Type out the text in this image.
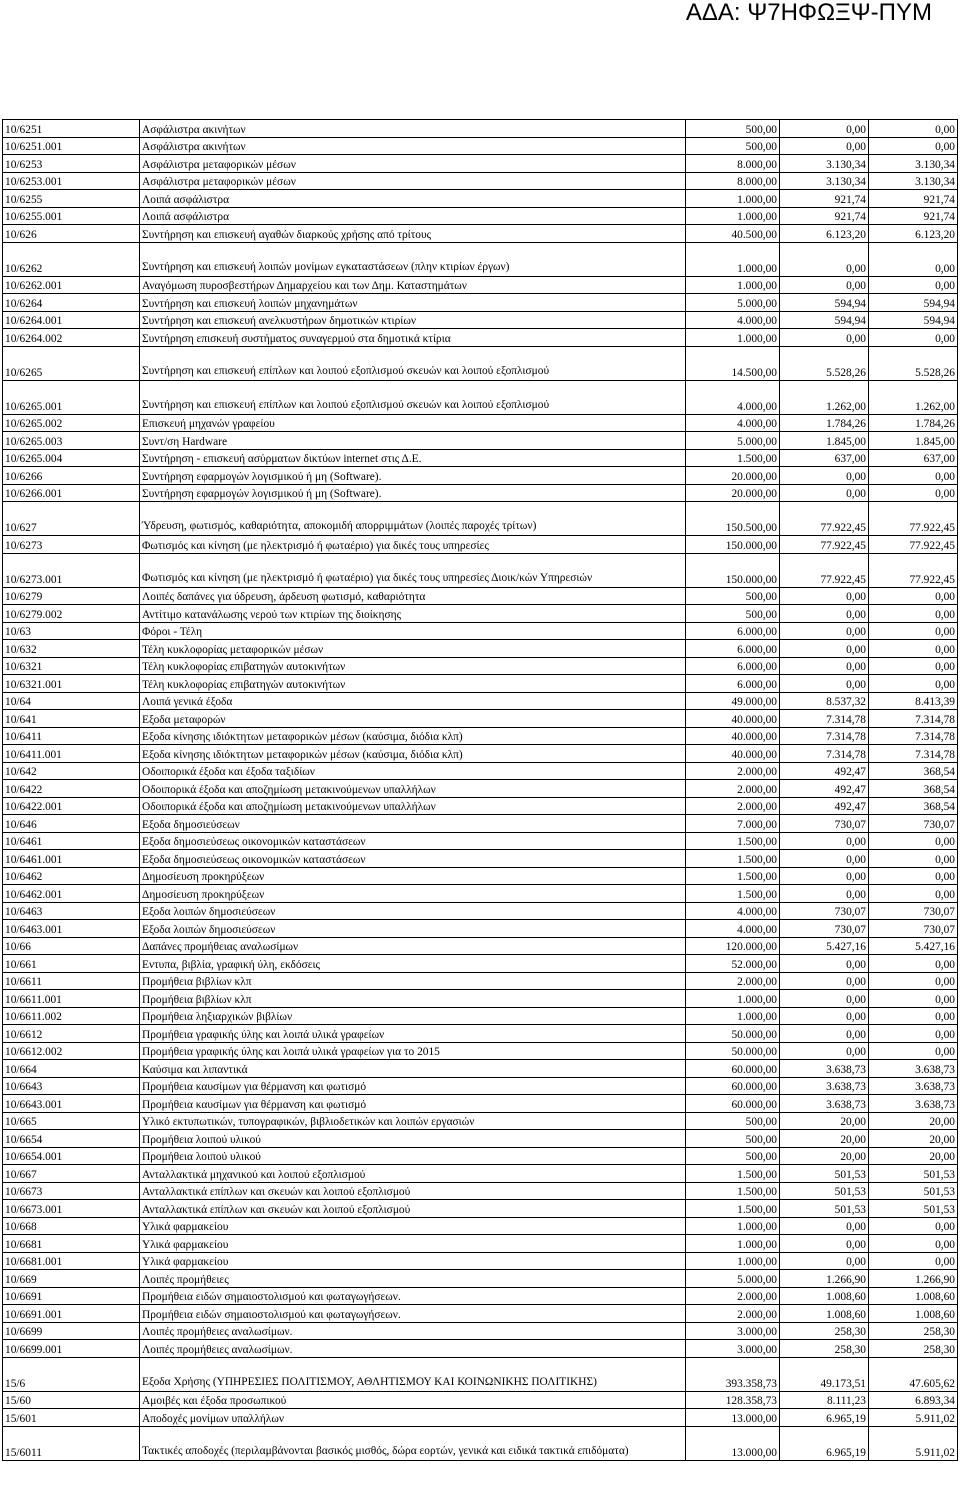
ΑΔΑ: Ψ7ΗΦΩΞΨ-ΠΥΜ
10/6251	Ασφάλιστρα ακινήτων	500,00	0,00	0,00
10/6251.001	Ασφάλιστρα ακινήτων	500,00	0,00	0,00
10/6253	Ασφάλιστρα μεταφορικών μέσων	8.000,00	3.130,34	3.130,34
10/6253.001	Ασφάλιστρα μεταφορικών μέσων	8.000,00	3.130,34	3.130,34
10/6255	Λοιπά ασφάλιστρα	1.000,00	921,74	921,74
10/6255.001	Λοιπά ασφάλιστρα	1.000,00	921,74	921,74
10/626	Συντήρηση και επισκευή αγαθών διαρκούς χρήσης από τρίτους	40.500,00	6.123,20	6.123,20
10/6262	Συντήρηση και επισκευή λοιπών μονίμων εγκαταστάσεων (πλην κτιρίων έργων)	1.000,00	0,00	0,00
10/6262.001	Αναγόμωση πυροσβεστήρων Δημαρχείου και των Δημ. Καταστημάτων	1.000,00	0,00	0,00
10/6264	Συντήρηση και επισκευή λοιπών μηχανημάτων	5.000,00	594,94	594,94
10/6264.001	Συντήρηση και επισκευή ανελκυστήρων δημοτικών κτιρίων	4.000,00	594,94	594,94
10/6264.002	Συντήρηση επισκευή συστήματος συναγερμού στα δημοτικά κτίρια	1.000,00	0,00	0,00
10/6265	Συντήρηση και επισκευή επίπλων και λοιπού εξοπλισμού σκευών και λοιπού εξοπλισμού	14.500,00	5.528,26	5.528,26
10/6265.001	Συντήρηση και επισκευή επίπλων και λοιπού εξοπλισμού σκευών και λοιπού εξοπλισμού	4.000,00	1.262,00	1.262,00
10/6265.002	Επισκευή μηχανών γραφείου	4.000,00	1.784,26	1.784,26
10/6265.003	Συντ/ση Hardware	5.000,00	1.845,00	1.845,00
10/6265.004	Συντήρηση - επισκευή ασύρματων δικτύων internet στις Δ.Ε.	1.500,00	637,00	637,00
10/6266	Συντήρηση εφαρμογών λογισμικού ή μη (Software).	20.000,00	0,00	0,00
10/6266.001	Συντήρηση εφαρμογών λογισμικού ή μη (Software).	20.000,00	0,00	0,00
10/627	Ύδρευση, φωτισμός, καθαριότητα, αποκομιδή απορριμμάτων (λοιπές παροχές τρίτων)	150.500,00	77.922,45	77.922,45
10/6273	Φωτισμός και κίνηση (με ηλεκτρισμό ή φωταέριο) για δικές τους υπηρεσίες	150.000,00	77.922,45	77.922,45
10/6273.001	Φωτισμός και κίνηση (με ηλεκτρισμό ή φωταέριο) για δικές τους υπηρεσίες Διοικ/κών Υπηρεσιών	150.000,00	77.922,45	77.922,45
10/6279	Λοιπές δαπάνες για ύδρευση, άρδευση φωτισμό, καθαριότητα	500,00	0,00	0,00
10/6279.002	Αντίτιμο κατανάλωσης νερού των κτιρίων της διοίκησης	500,00	0,00	0,00
10/63	Φόροι - Τέλη	6.000,00	0,00	0,00
10/632	Τέλη κυκλοφορίας μεταφορικών μέσων	6.000,00	0,00	0,00
10/6321	Τέλη κυκλοφορίας επιβατηγών αυτοκινήτων	6.000,00	0,00	0,00
10/6321.001	Τέλη κυκλοφορίας επιβατηγών αυτοκινήτων	6.000,00	0,00	0,00
10/64	Λοιπά γενικά έξοδα	49.000,00	8.537,32	8.413,39
10/641	Εξοδα μεταφορών	40.000,00	7.314,78	7.314,78
10/6411	Εξοδα κίνησης ιδιόκτητων μεταφορικών μέσων (καύσιμα, διόδια κλπ)	40.000,00	7.314,78	7.314,78
10/6411.001	Εξοδα κίνησης ιδιόκτητων μεταφορικών μέσων (καύσιμα, διόδια κλπ)	40.000,00	7.314,78	7.314,78
10/642	Οδοιπορικά έξοδα και έξοδα ταξιδίων	2.000,00	492,47	368,54
10/6422	Οδοιπορικά έξοδα και αποζημίωση μετακινούμενων υπαλλήλων	2.000,00	492,47	368,54
10/6422.001	Οδοιπορικά έξοδα και αποζημίωση μετακινούμενων υπαλλήλων	2.000,00	492,47	368,54
10/646	Εξοδα δημοσιεύσεων	7.000,00	730,07	730,07
10/6461	Εξοδα δημοσιεύσεως οικονομικών καταστάσεων	1.500,00	0,00	0,00
10/6461.001	Εξοδα δημοσιεύσεως οικονομικών καταστάσεων	1.500,00	0,00	0,00
10/6462	Δημοσίευση προκηρύξεων	1.500,00	0,00	0,00
10/6462.001	Δημοσίευση προκηρύξεων	1.500,00	0,00	0,00
10/6463	Εξοδα λοιπών δημοσιεύσεων	4.000,00	730,07	730,07
10/6463.001	Εξοδα λοιπών δημοσιεύσεων	4.000,00	730,07	730,07
10/66	Δαπάνες προμήθειας αναλωσίμων	120.000,00	5.427,16	5.427,16
10/661	Εντυπα, βιβλία, γραφική ύλη, εκδόσεις	52.000,00	0,00	0,00
10/6611	Προμήθεια βιβλίων κλπ	2.000,00	0,00	0,00
10/6611.001	Προμήθεια βιβλίων κλπ	1.000,00	0,00	0,00
10/6611.002	Προμήθεια ληξιαρχικών βιβλίων	1.000,00	0,00	0,00
10/6612	Προμήθεια γραφικής ύλης και λοιπά υλικά γραφείων	50.000,00	0,00	0,00
10/6612.002	Προμήθεια γραφικής ύλης και λοιπά υλικά γραφείων για το 2015	50.000,00	0,00	0,00
10/664	Καύσιμα και λιπαντικά	60.000,00	3.638,73	3.638,73
10/6643	Προμήθεια καυσίμων για θέρμανση και φωτισμό	60.000,00	3.638,73	3.638,73
10/6643.001	Προμήθεια καυσίμων για θέρμανση και φωτισμό	60.000,00	3.638,73	3.638,73
10/665	Υλικό εκτυπωτικών, τυπογραφικών, βιβλιοδετικών και λοιπών εργασιών	500,00	20,00	20,00
10/6654	Προμήθεια λοιπού υλικού	500,00	20,00	20,00
10/6654.001	Προμήθεια λοιπού υλικού	500,00	20,00	20,00
10/667	Ανταλλακτικά μηχανικού και λοιπού εξοπλισμού	1.500,00	501,53	501,53
10/6673	Ανταλλακτικά επίπλων και σκευών και λοιπού εξοπλισμού	1.500,00	501,53	501,53
10/6673.001	Ανταλλακτικά επίπλων και σκευών και λοιπού εξοπλισμού	1.500,00	501,53	501,53
10/668	Υλικά φαρμακείου	1.000,00	0,00	0,00
10/6681	Υλικά φαρμακείου	1.000,00	0,00	0,00
10/6681.001	Υλικά φαρμακείου	1.000,00	0,00	0,00
10/669	Λοιπές προμήθειες	5.000,00	1.266,90	1.266,90
10/6691	Προμήθεια ειδών σημαιοστολισμού και φωταγωγήσεων.	2.000,00	1.008,60	1.008,60
10/6691.001	Προμήθεια ειδών σημαιοστολισμού και φωταγωγήσεων.	2.000,00	1.008,60	1.008,60
10/6699	Λοιπές προμήθειες αναλωσίμων.	3.000,00	258,30	258,30
10/6699.001	Λοιπές προμήθειες αναλωσίμων.	3.000,00	258,30	258,30
15/6	Εξοδα Χρήσης (ΥΠΗΡΕΣΙΕΣ ΠΟΛΙΤΙΣΜΟΥ, ΑΘΛΗΤΙΣΜΟΥ ΚΑΙ ΚΟΙΝΩΝΙΚΗΣ ΠΟΛΙΤΙΚΗΣ)	393.358,73	49.173,51	47.605,62
15/60	Αμοιβές και έξοδα προσωπικού	128.358,73	8.111,23	6.893,34
15/601	Αποδοχές μονίμων υπαλλήλων	13.000,00	6.965,19	5.911,02
15/6011	Τακτικές αποδοχές (περιλαμβάνονται βασικός μισθός, δώρα εορτών, γενικά και ειδικά τακτικά επιδόματα)	13.000,00	6.965,19	5.911,02
